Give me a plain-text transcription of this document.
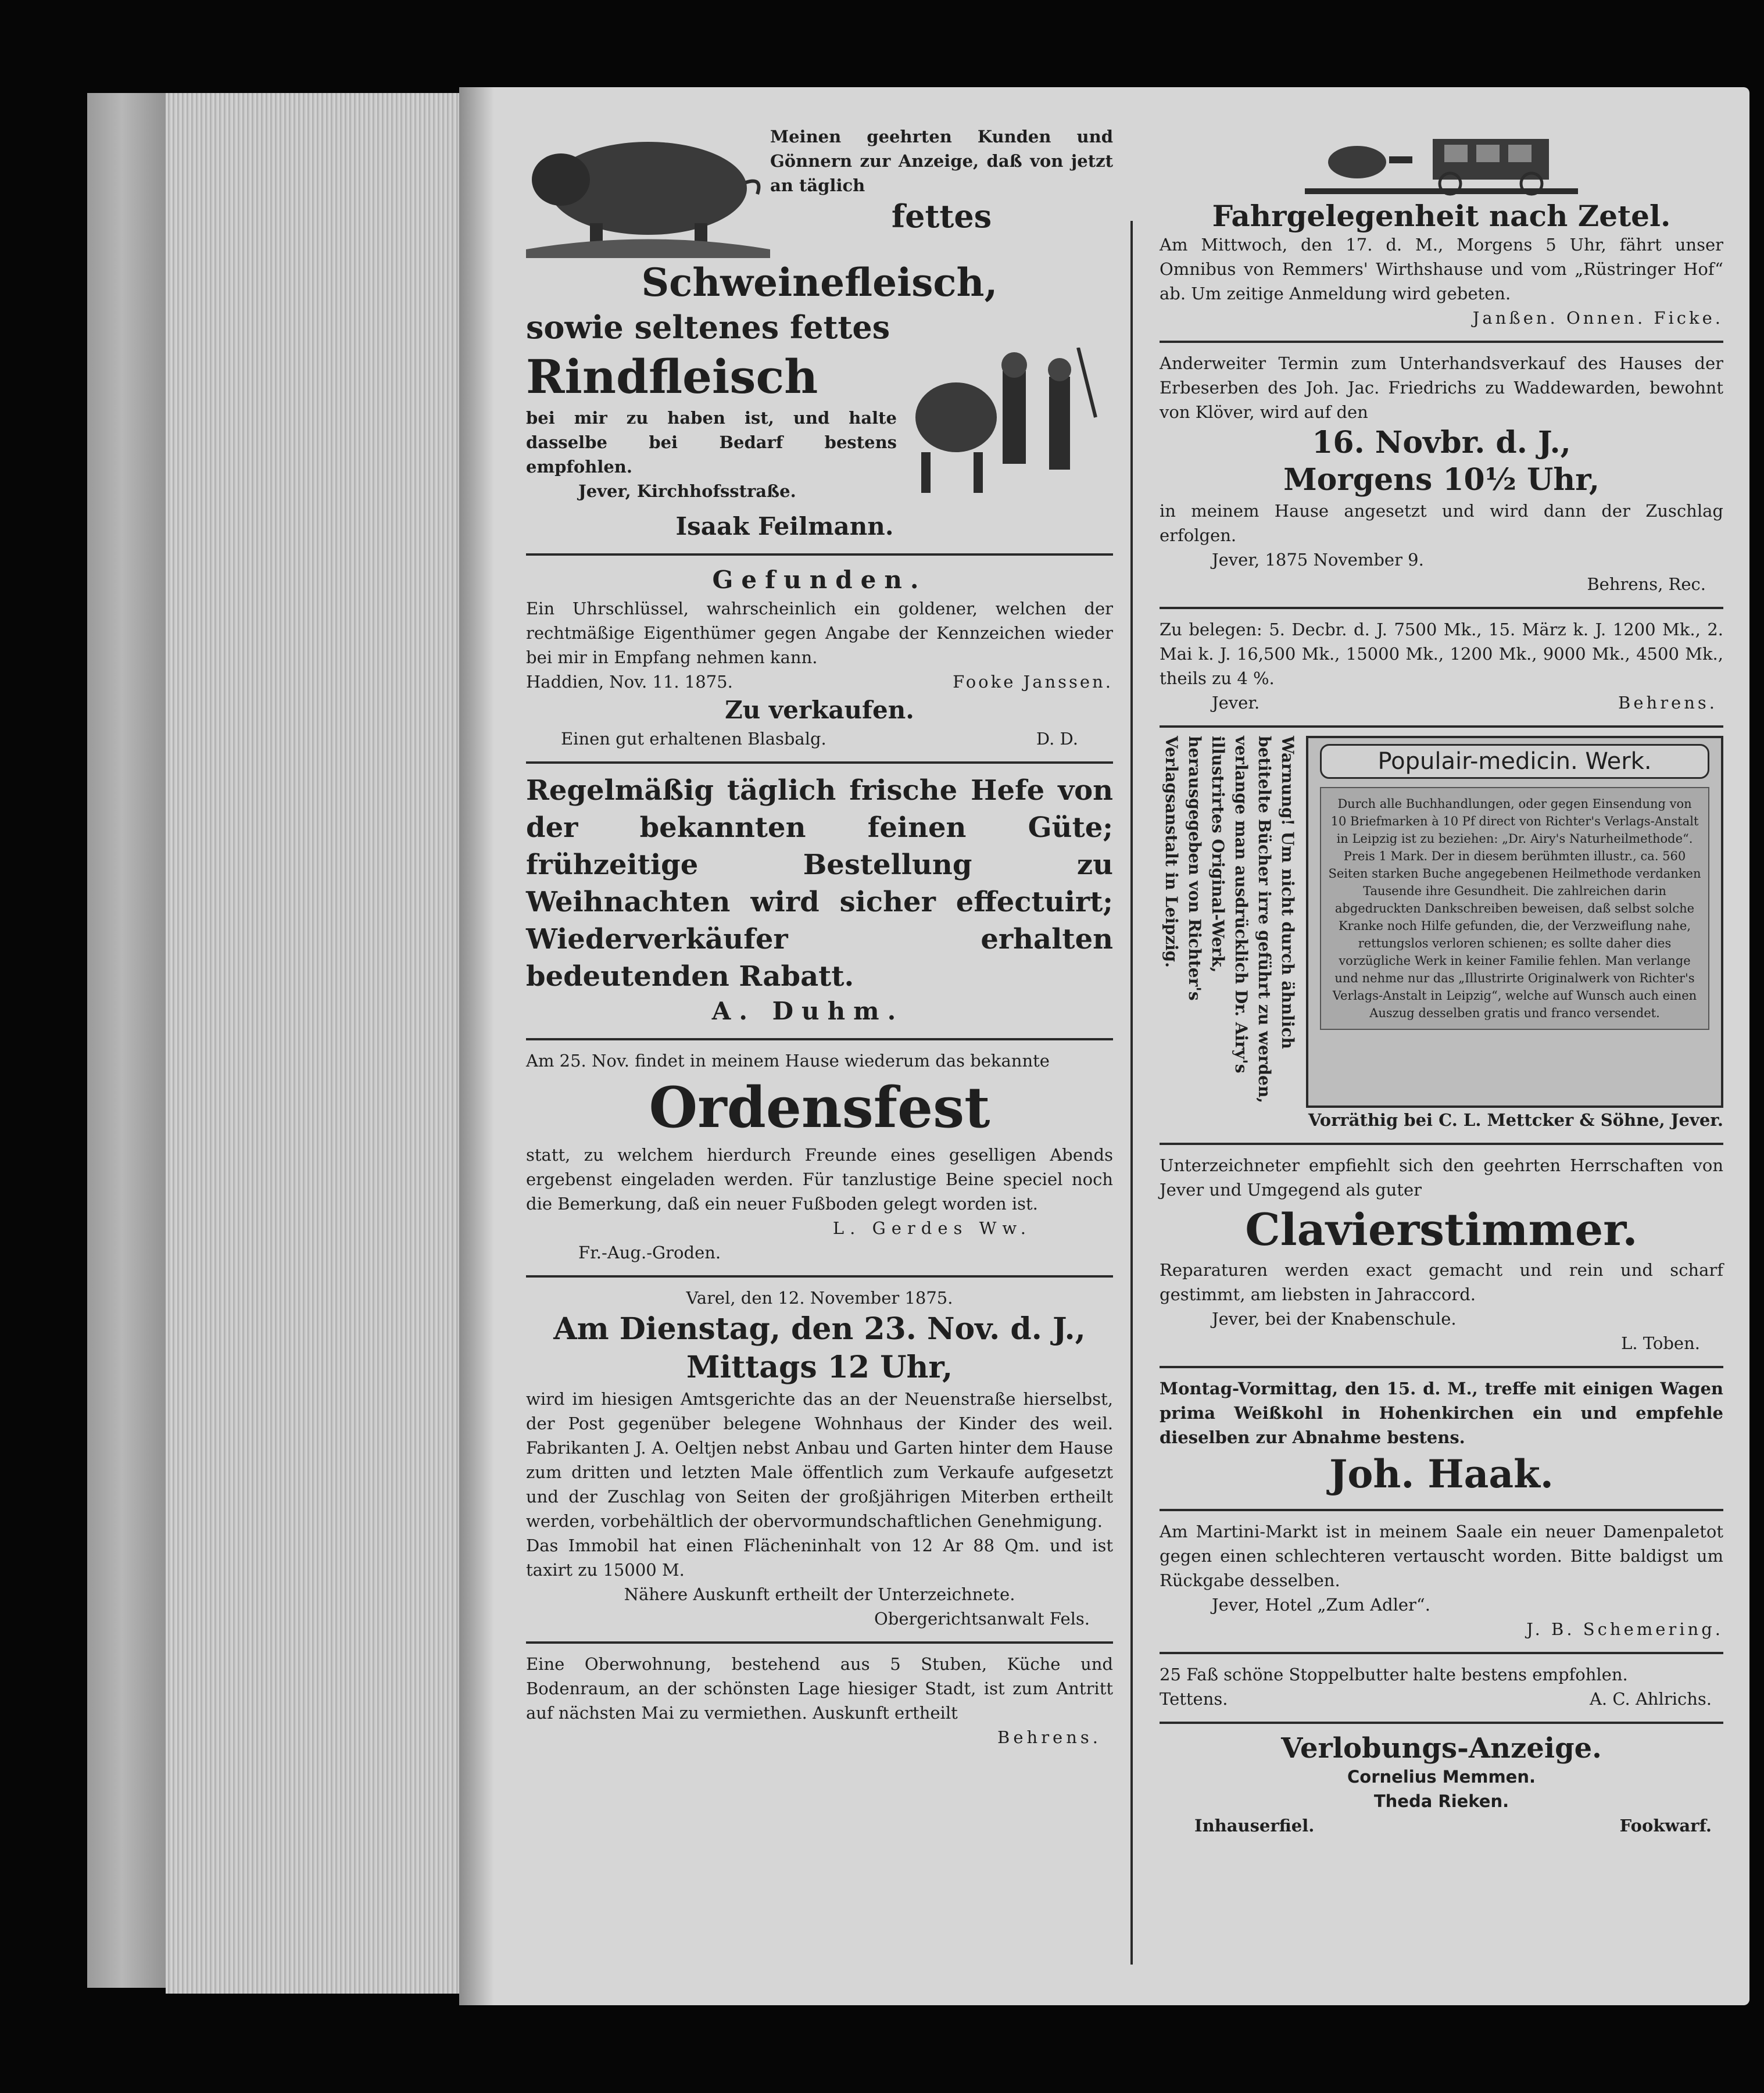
Meinen geehrten Kunden und Gönnern zur Anzeige, daß von jetzt an täglich

fettes

Schweinefleisch,

sowie seltenes fettes

Rindfleisch

bei mir zu haben ist, und halte dasselbe bei Bedarf bestens empfohlen.

Jever, Kirchhofsstraße.

Isaak Feilmann.

Gefunden.

Ein Uhrschlüssel, wahrscheinlich ein goldener, welchen der rechtmäßige Eigenthümer gegen Angabe der Kennzeichen wieder bei mir in Empfang nehmen kann.

Haddien, Nov. 11. 1875.	Fooke Janssen.

Zu verkaufen.

Einen gut erhaltenen Blasbalg.	D. D.

Regelmäßig täglich frische Hefe von der bekannten feinen Güte; frühzeitige Bestellung zu Weihnachten wird sicher effectuirt; Wiederverkäufer erhalten bedeutenden Rabatt.

A. Duhm.

Am 25. Nov. findet in meinem Hause wiederum das bekannte

Ordensfest

statt, zu welchem hierdurch Freunde eines geselligen Abends ergebenst eingeladen werden. Für tanzlustige Beine speciel noch die Bemerkung, daß ein neuer Fußboden gelegt worden ist.

L. Gerdes Ww.

Fr.-Aug.-Groden.

Varel, den 12. November 1875.

Am Dienstag, den 23. Nov. d. J.,

Mittags 12 Uhr,

wird im hiesigen Amtsgerichte das an der Neuenstraße hierselbst, der Post gegenüber belegene Wohnhaus der Kinder des weil. Fabrikanten J. A. Oeltjen nebst Anbau und Garten hinter dem Hause zum dritten und letzten Male öffentlich zum Verkaufe aufgesetzt und der Zuschlag von Seiten der großjährigen Miterben ertheilt werden, vorbehältlich der obervormundschaftlichen Genehmigung.

Das Immobil hat einen Flächeninhalt von 12 Ar 88 Qm. und ist taxirt zu 15000 M.

Nähere Auskunft ertheilt der Unterzeichnete.

Obergerichtsanwalt Fels.

Eine Oberwohnung, bestehend aus 5 Stuben, Küche und Bodenraum, an der schönsten Lage hiesiger Stadt, ist zum Antritt auf nächsten Mai zu vermiethen. Auskunft ertheilt

Behrens.

Fahrgelegenheit nach Zetel.

Am Mittwoch, den 17. d. M., Morgens 5 Uhr, fährt unser Omnibus von Remmers' Wirthshause und vom „Rüstringer Hof“ ab. Um zeitige Anmeldung wird gebeten.

Janßen. Onnen. Ficke.

Anderweiter Termin zum Unterhandsverkauf des Hauses der Erbeserben des Joh. Jac. Friedrichs zu Waddewarden, bewohnt von Klöver, wird auf den

16. Novbr. d. J.,

Morgens 10½ Uhr,

in meinem Hause angesetzt und wird dann der Zuschlag erfolgen.

Jever, 1875 November 9.

Behrens, Rec.

Zu belegen: 5. Decbr. d. J. 7500 Mk., 15. März k. J. 1200 Mk., 2. Mai k. J. 16,500 Mk., 15000 Mk., 1200 Mk., 9000 Mk., 4500 Mk., theils zu 4 %.

Jever.	Behrens.

Warnung! Um nicht durch ähnlich betitelte Bücher irre geführt zu werden, verlange man ausdrücklich Dr. Airy's illustrirtes Original-Werk, herausgegeben von Richter's Verlagsanstalt in Leipzig.	Populair-medicin. Werk.

Durch alle Buchhandlungen, oder gegen Einsendung von 10 Briefmarken à 10 Pf direct von Richter's Verlags-Anstalt in Leipzig ist zu beziehen: „Dr. Airy's Naturheilmethode“. Preis 1 Mark. Der in diesem berühmten illustr., ca. 560 Seiten starken Buche angegebenen Heilmethode verdanken Tausende ihre Gesundheit. Die zahlreichen darin abgedruckten Dankschreiben beweisen, daß selbst solche Kranke noch Hilfe gefunden, die, der Verzweiflung nahe, rettungslos verloren schienen; es sollte daher dies vorzügliche Werk in keiner Familie fehlen. Man verlange und nehme nur das „Illustrirte Originalwerk von Richter's Verlags-Anstalt in Leipzig“, welche auf Wunsch auch einen Auszug desselben gratis und franco versendet.

Vorräthig bei C. L. Mettcker & Söhne, Jever.

Unterzeichneter empfiehlt sich den geehrten Herrschaften von Jever und Umgegend als guter

Clavierstimmer.

Reparaturen werden exact gemacht und rein und scharf gestimmt, am liebsten in Jahraccord.

Jever, bei der Knabenschule.

L. Toben.

Montag-Vormittag, den 15. d. M., treffe mit einigen Wagen prima Weißkohl in Hohenkirchen ein und empfehle dieselben zur Abnahme bestens.

Joh. Haak.

Am Martini-Markt ist in meinem Saale ein neuer Damenpaletot gegen einen schlechteren vertauscht worden. Bitte baldigst um Rückgabe desselben.

Jever, Hotel „Zum Adler“.

J. B. Schemering.

25 Faß schöne Stoppelbutter halte bestens empfohlen.

Tettens.	A. C. Ahlrichs.

Verlobungs-Anzeige.

Cornelius Memmen.

Theda Rieken.

Inhauserfiel.	Fookwarf.
